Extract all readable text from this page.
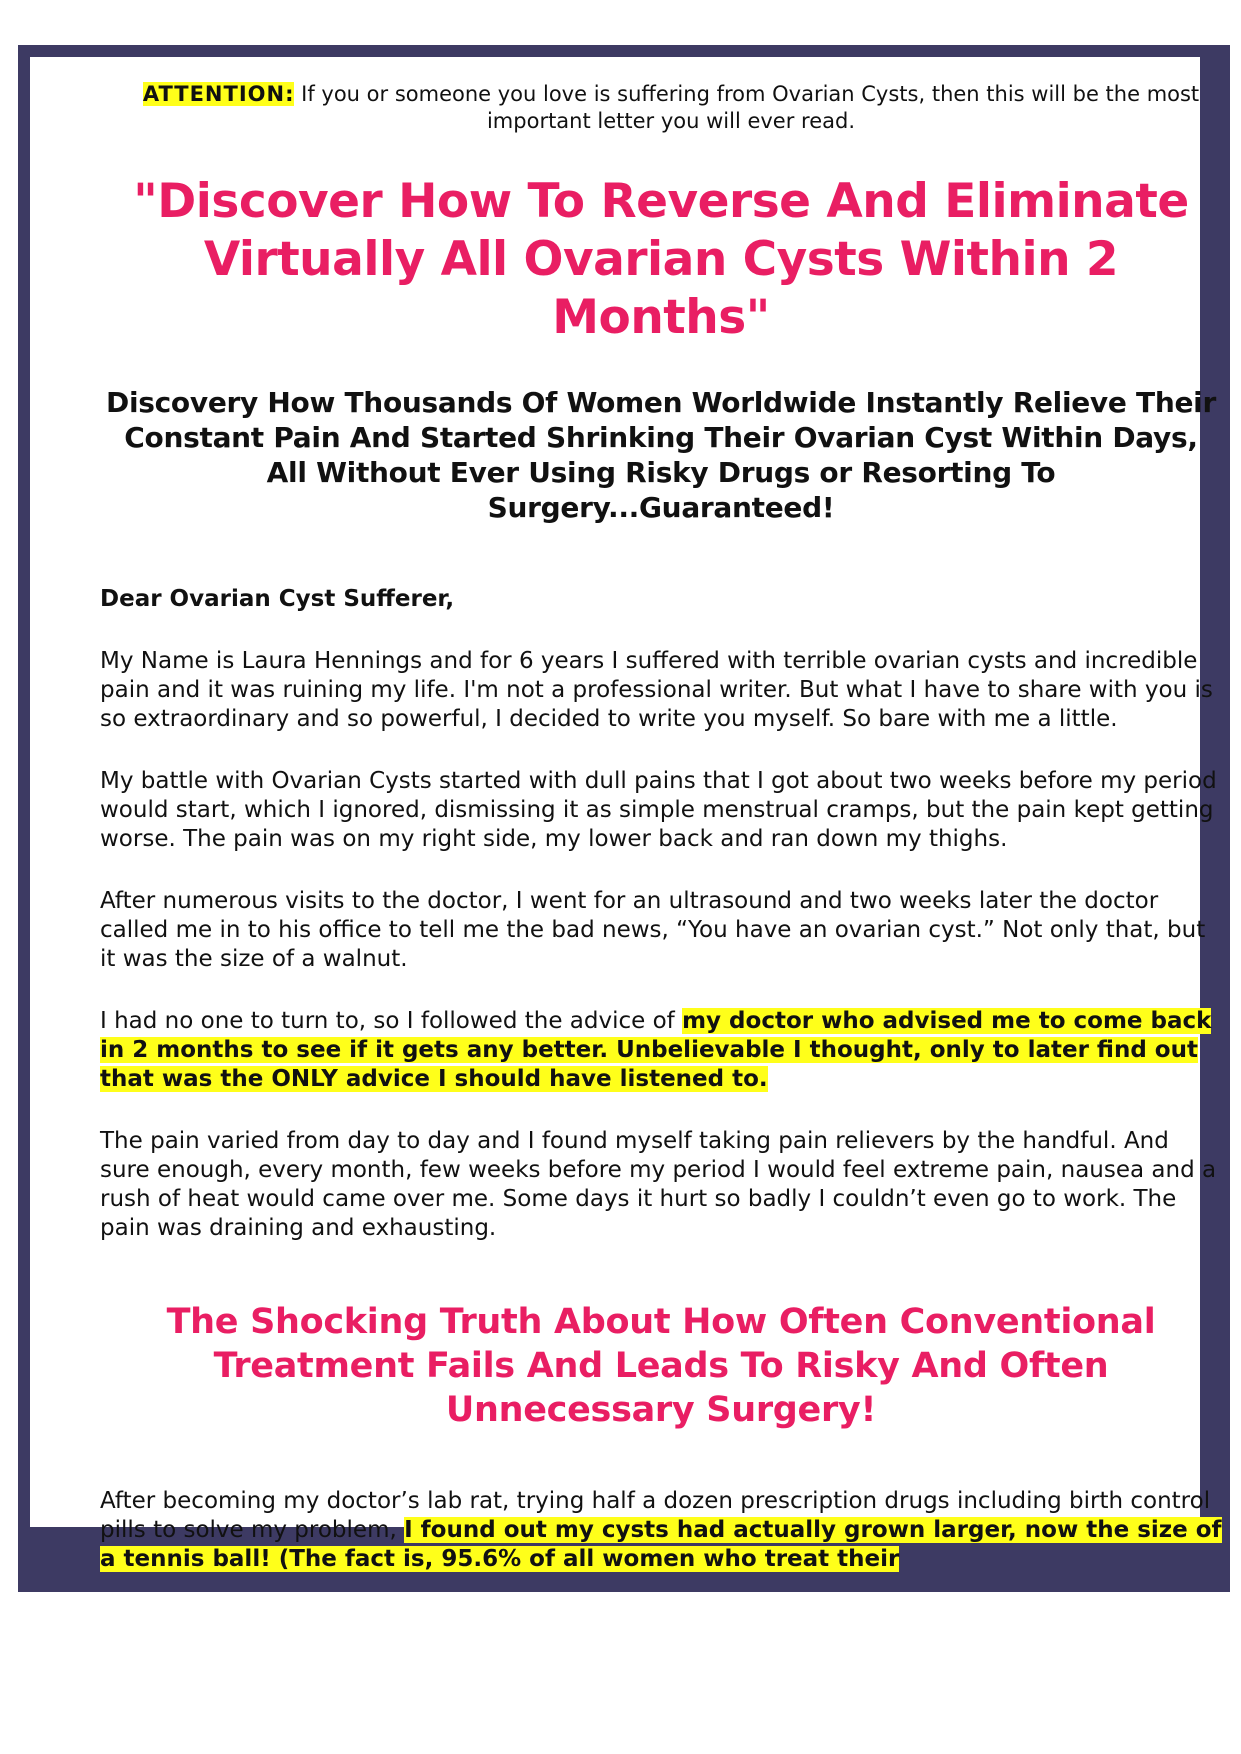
ATTENTION: If you or someone you love is suffering from Ovarian Cysts, then this will be the most important letter you will ever read.

"Discover How To Reverse And Eliminate Virtually All Ovarian Cysts Within 2 Months"
Discovery How Thousands Of Women Worldwide Instantly Relieve Their Constant Pain And Started Shrinking Their Ovarian Cyst Within Days, All Without Ever Using Risky Drugs or Resorting To Surgery...Guaranteed!

Dear Ovarian Cyst Sufferer,

My Name is Laura Hennings and for 6 years I suffered with terrible ovarian cysts and incredible pain and it was ruining my life. I'm not a professional writer. But what I have to share with you is so extraordinary and so powerful, I decided to write you myself. So bare with me a little.

My battle with Ovarian Cysts started with dull pains that I got about two weeks before my period would start, which I ignored, dismissing it as simple menstrual cramps, but the pain kept getting worse. The pain was on my right side, my lower back and ran down my thighs.

After numerous visits to the doctor, I went for an ultrasound and two weeks later the doctor called me in to his office to tell me the bad news, “You have an ovarian cyst.” Not only that, but it was the size of a walnut.

I had no one to turn to, so I followed the advice of my doctor who advised me to come back in 2 months to see if it gets any better. Unbelievable I thought, only to later find out that was the ONLY advice I should have listened to.

The pain varied from day to day and I found myself taking pain relievers by the handful. And sure enough, every month, few weeks before my period I would feel extreme pain, nausea and a rush of heat would came over me. Some days it hurt so badly I couldn’t even go to work. The pain was draining and exhausting.

The Shocking Truth About How Often Conventional Treatment Fails And Leads To Risky And Often Unnecessary Surgery!

After becoming my doctor’s lab rat, trying half a dozen prescription drugs including birth control pills to solve my problem, I found out my cysts had actually grown larger, now the size of a tennis ball! (The fact is, 95.6% of all women who treat their
